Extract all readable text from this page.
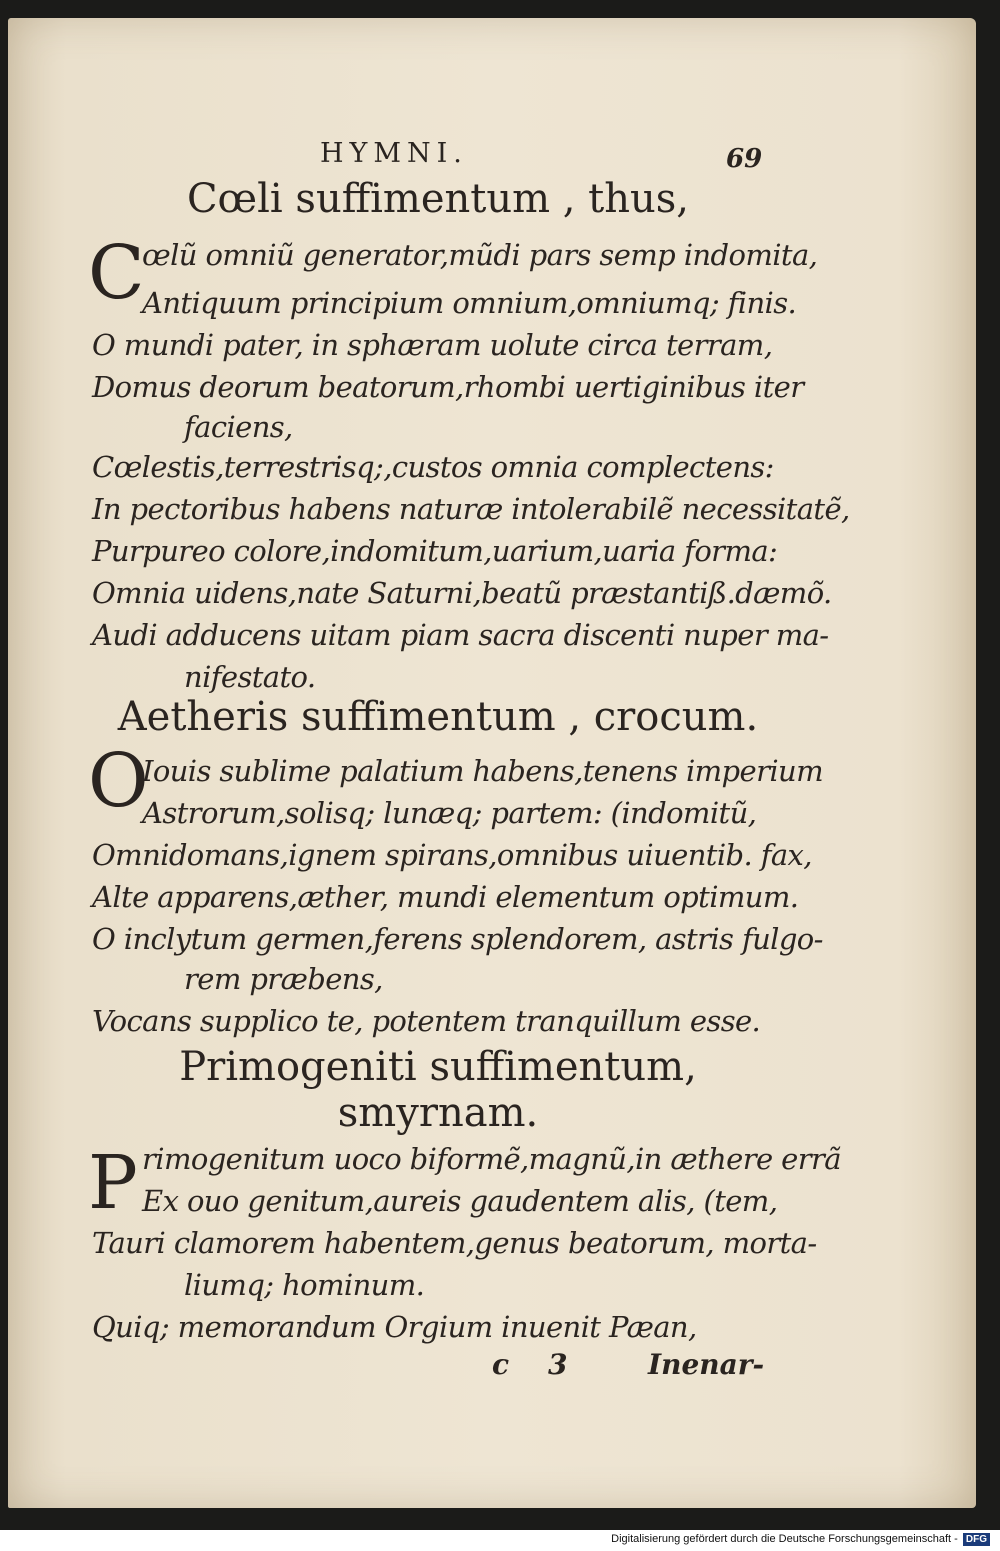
HYMNI.	69
Cœli suffimentum , thus,
C
œlũ omniũ generator,mũdi pars semp indomita,
Antiquum principium omnium,omniumq; finis.
O mundi pater, in sphæram uolute circa terram,
Domus deorum beatorum,rhombi uertiginibus iter
faciens,
Cœlestis,terrestrisq;,custos omnia complectens:
In pectoribus habens naturæ intolerabilẽ necessitatẽ,
Purpureo colore,indomitum,uarium,uaria forma:
Omnia uidens,nate Saturni,beatũ præstantiß.dæmõ.
Audi adducens uitam piam sacra discenti nuper ma-
nifestato.
Aetheris suffimentum , crocum.
O
Iouis sublime palatium habens,tenens imperium
Astrorum,solisq; lunæq; partem: (indomitũ,
Omnidomans,ignem spirans,omnibus uiuentib. fax,
Alte apparens,æther, mundi elementum optimum.
O inclytum germen,ferens splendorem, astris fulgo-
rem præbens,
Vocans supplico te, potentem tranquillum esse.
Primogeniti suffimentum,
smyrnam.
P rimogenitum uoco biformẽ,magnũ,in æthere errã
Ex ouo genitum,aureis gaudentem alis, (tem,
Tauri clamorem habentem,genus beatorum, morta-
liumq; hominum.
Quiq; memorandum Orgium inuenit Pæan,
c 3	Inenar-
Digitalisierung gefördert durch die Deutsche Forschungsgemeinschaft - DFG
